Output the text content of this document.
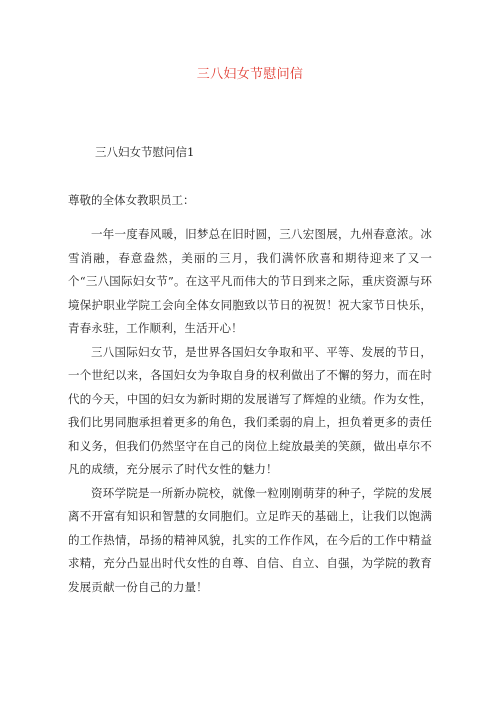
三八妇女节慰问信
三八妇女节慰问信1
尊敬的全体女教职员工：

一年一度春风暖，旧梦总在旧时圆，三八宏图展，九州春意浓。冰雪消融，春意盎然，美丽的三月，我们满怀欣喜和期待迎来了又一个“三八国际妇女节”。在这平凡而伟大的节日到来之际，重庆资源与环境保护职业学院工会向全体女同胞致以节日的祝贺！祝大家节日快乐，青春永驻，工作顺利，生活开心！

三八国际妇女节，是世界各国妇女争取和平、平等、发展的节日，一个世纪以来，各国妇女为争取自身的权利做出了不懈的努力，而在时代的今天，中国的妇女为新时期的发展谱写了辉煌的业绩。作为女性，我们比男同胞承担着更多的角色，我们柔弱的肩上，担负着更多的责任和义务，但我们仍然坚守在自己的岗位上绽放最美的笑颜，做出卓尔不凡的成绩，充分展示了时代女性的魅力！

资环学院是一所新办院校，就像一粒刚刚萌芽的种子，学院的发展离不开富有知识和智慧的女同胞们。立足昨天的基础上，让我们以饱满的工作热情，昂扬的精神风貌，扎实的工作作风，在今后的工作中精益求精，充分凸显出时代女性的自尊、自信、自立、自强，为学院的教育发展贡献一份自己的力量！
